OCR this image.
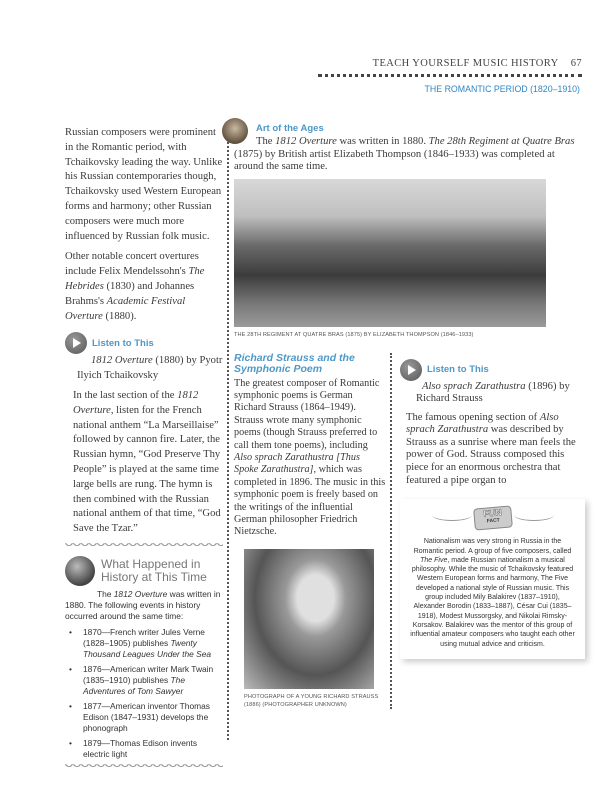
TEACH YOURSELF MUSIC HISTORY 67
THE ROMANTIC PERIOD (1820–1910)

Russian composers were prominent in the Romantic period, with Tchaikovsky leading the way. Unlike his Russian contemporaries though, Tchaikovsky used Western European forms and harmony; other Russian composers were much more influenced by Russian folk music.

Other notable concert overtures include Felix Mendelssohn's The Hebrides (1830) and Johannes Brahms's Academic Festival Overture (1880).

Listen to This
1812 Overture (1880) by Pyotr Ilyich Tchaikovsky
In the last section of the 1812 Overture, listen for the French national anthem “La Marseillaise” followed by cannon fire. Later, the Russian hymn, “God Preserve Thy People” is played at the same time large bells are rung. The hymn is then combined with the Russian national anthem of that time, “God Save the Tzar.”
What Happened in History at This Time
The 1812 Overture was written in 1880. The following events in history occurred around the same time:
• 1870—French writer Jules Verne (1828–1905) publishes Twenty Thousand Leagues Under the Sea
• 1876—American writer Mark Twain (1835–1910) publishes The Adventures of Tom Sawyer
• 1877—American inventor Thomas Edison (1847–1931) develops the phonograph
• 1879—Thomas Edison invents electric light
Art of the Ages
The 1812 Overture was written in 1880. The 28th Regiment at Quatre Bras (1875) by British artist Elizabeth Thompson (1846–1933) was completed at around the same time.
THE 28TH REGIMENT AT QUATRE BRAS (1875) BY ELIZABETH THOMPSON (1846–1933)
Richard Strauss and the Symphonic Poem
The greatest composer of Romantic symphonic poems is German Richard Strauss (1864–1949). Strauss wrote many symphonic poems (though Strauss preferred to call them tone poems), including Also sprach Zarathustra [Thus Spoke Zarathustra], which was completed in 1896. The music in this symphonic poem is freely based on the writings of the influential German philosopher Friedrich Nietzsche.
PHOTOGRAPH OF A YOUNG RICHARD STRAUSS (1886) (PHOTOGRAPHER UNKNOWN)
Listen to This
Also sprach Zarathustra (1896) by Richard Strauss
The famous opening section of Also sprach Zarathustra was described by Strauss as a sunrise where man feels the power of God. Strauss composed this piece for an enormous orchestra that featured a pipe organ to
FUN
FACT
Nationalism was very strong in Russia in the Romantic period. A group of five composers, called The Five, made Russian nationalism a musical philosophy. While the music of Tchaikovsky featured Western European forms and harmony, The Five developed a national style of Russian music. This group included Mily Balakirev (1837–1910), Alexander Borodin (1833–1887), César Cui (1835–1918), Modest Mussorgsky, and Nikolai Rimsky-Korsakov. Balakirev was the mentor of this group of influential amateur composers who taught each other using mutual advice and criticism.
